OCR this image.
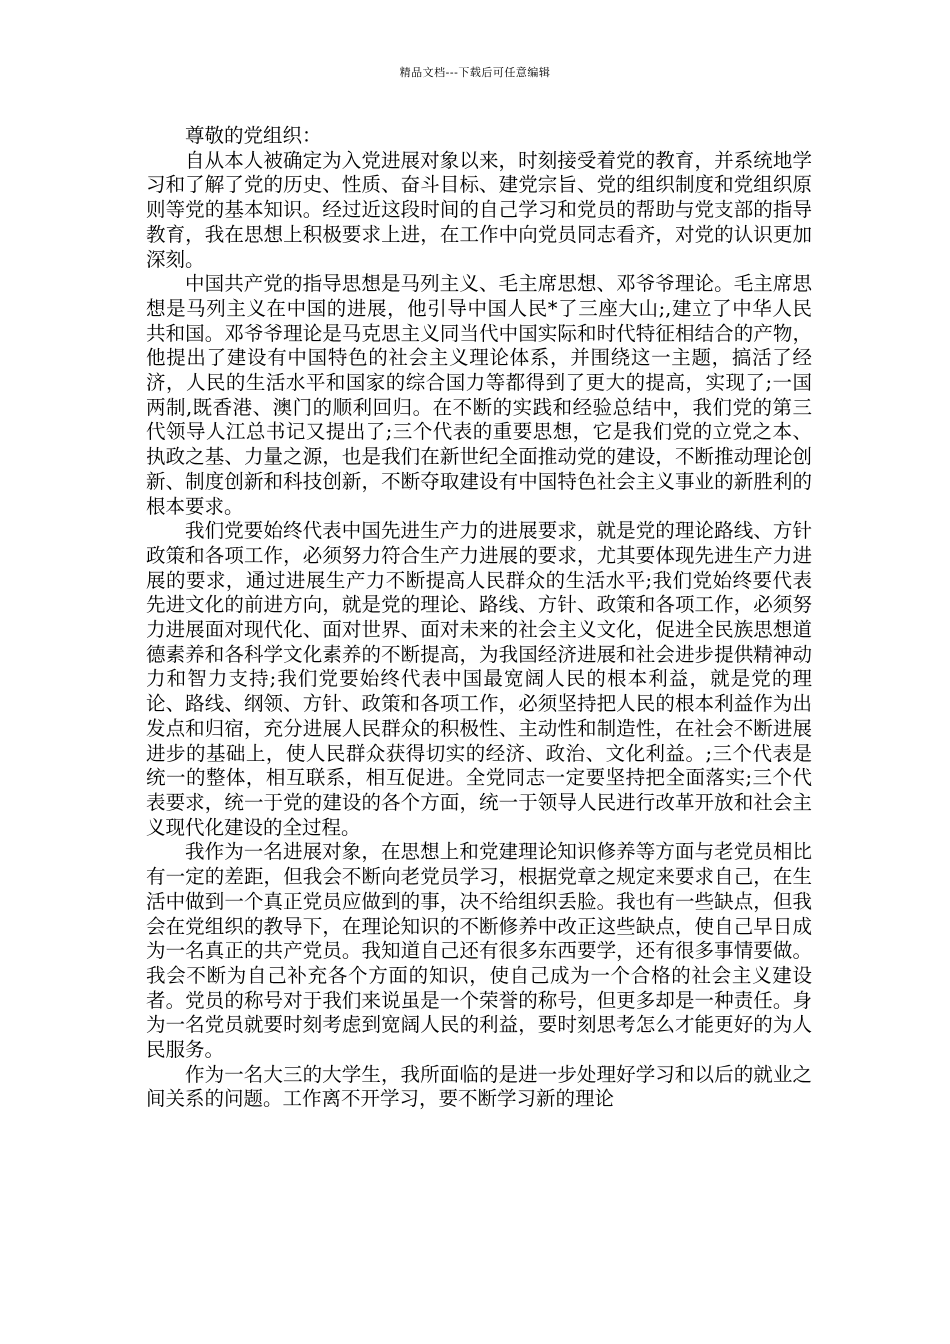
精品文档---下载后可任意编辑

尊敬的党组织：

自从本人被确定为入党进展对象以来，时刻接受着党的教育，并系统地学习和了解了党的历史、性质、奋斗目标、建党宗旨、党的组织制度和党组织原则等党的基本知识。经过近这段时间的自己学习和党员的帮助与党支部的指导教育，我在思想上积极要求上进，在工作中向党员同志看齐，对党的认识更加深刻。

中国共产党的指导思想是马列主义、毛主席思想、邓爷爷理论。毛主席思想是马列主义在中国的进展，他引导中国人民*了三座大山;,建立了中华人民共和国。邓爷爷理论是马克思主义同当代中国实际和时代特征相结合的产物，他提出了建设有中国特色的社会主义理论体系，并围绕这一主题，搞活了经济，人民的生活水平和国家的综合国力等都得到了更大的提高，实现了;一国两制,既香港、澳门的顺利回归。在不断的实践和经验总结中，我们党的第三代领导人江总书记又提出了;三个代表的重要思想，它是我们党的立党之本、执政之基、力量之源，也是我们在新世纪全面推动党的建设，不断推动理论创新、制度创新和科技创新，不断夺取建设有中国特色社会主义事业的新胜利的根本要求。

我们党要始终代表中国先进生产力的进展要求，就是党的理论路线、方针政策和各项工作，必须努力符合生产力进展的要求，尤其要体现先进生产力进展的要求，通过进展生产力不断提高人民群众的生活水平;我们党始终要代表先进文化的前进方向，就是党的理论、路线、方针、政策和各项工作，必须努力进展面对现代化、面对世界、面对未来的社会主义文化，促进全民族思想道德素养和各科学文化素养的不断提高，为我国经济进展和社会进步提供精神动力和智力支持;我们党要始终代表中国最宽阔人民的根本利益，就是党的理论、路线、纲领、方针、政策和各项工作，必须坚持把人民的根本利益作为出发点和归宿，充分进展人民群众的积极性、主动性和制造性，在社会不断进展进步的基础上，使人民群众获得切实的经济、政治、文化利益。;三个代表是统一的整体，相互联系，相互促进。全党同志一定要坚持把全面落实;三个代表要求，统一于党的建设的各个方面，统一于领导人民进行改革开放和社会主义现代化建设的全过程。

我作为一名进展对象，在思想上和党建理论知识修养等方面与老党员相比有一定的差距，但我会不断向老党员学习，根据党章之规定来要求自己，在生活中做到一个真正党员应做到的事，决不给组织丢脸。我也有一些缺点，但我会在党组织的教导下，在理论知识的不断修养中改正这些缺点，使自己早日成为一名真正的共产党员。我知道自己还有很多东西要学，还有很多事情要做。我会不断为自己补充各个方面的知识，使自己成为一个合格的社会主义建设者。党员的称号对于我们来说虽是一个荣誉的称号，但更多却是一种责任。身为一名党员就要时刻考虑到宽阔人民的利益，要时刻思考怎么才能更好的为人民服务。

作为一名大三的大学生，我所面临的是进一步处理好学习和以后的就业之间关系的问题。工作离不开学习，要不断学习新的理论
